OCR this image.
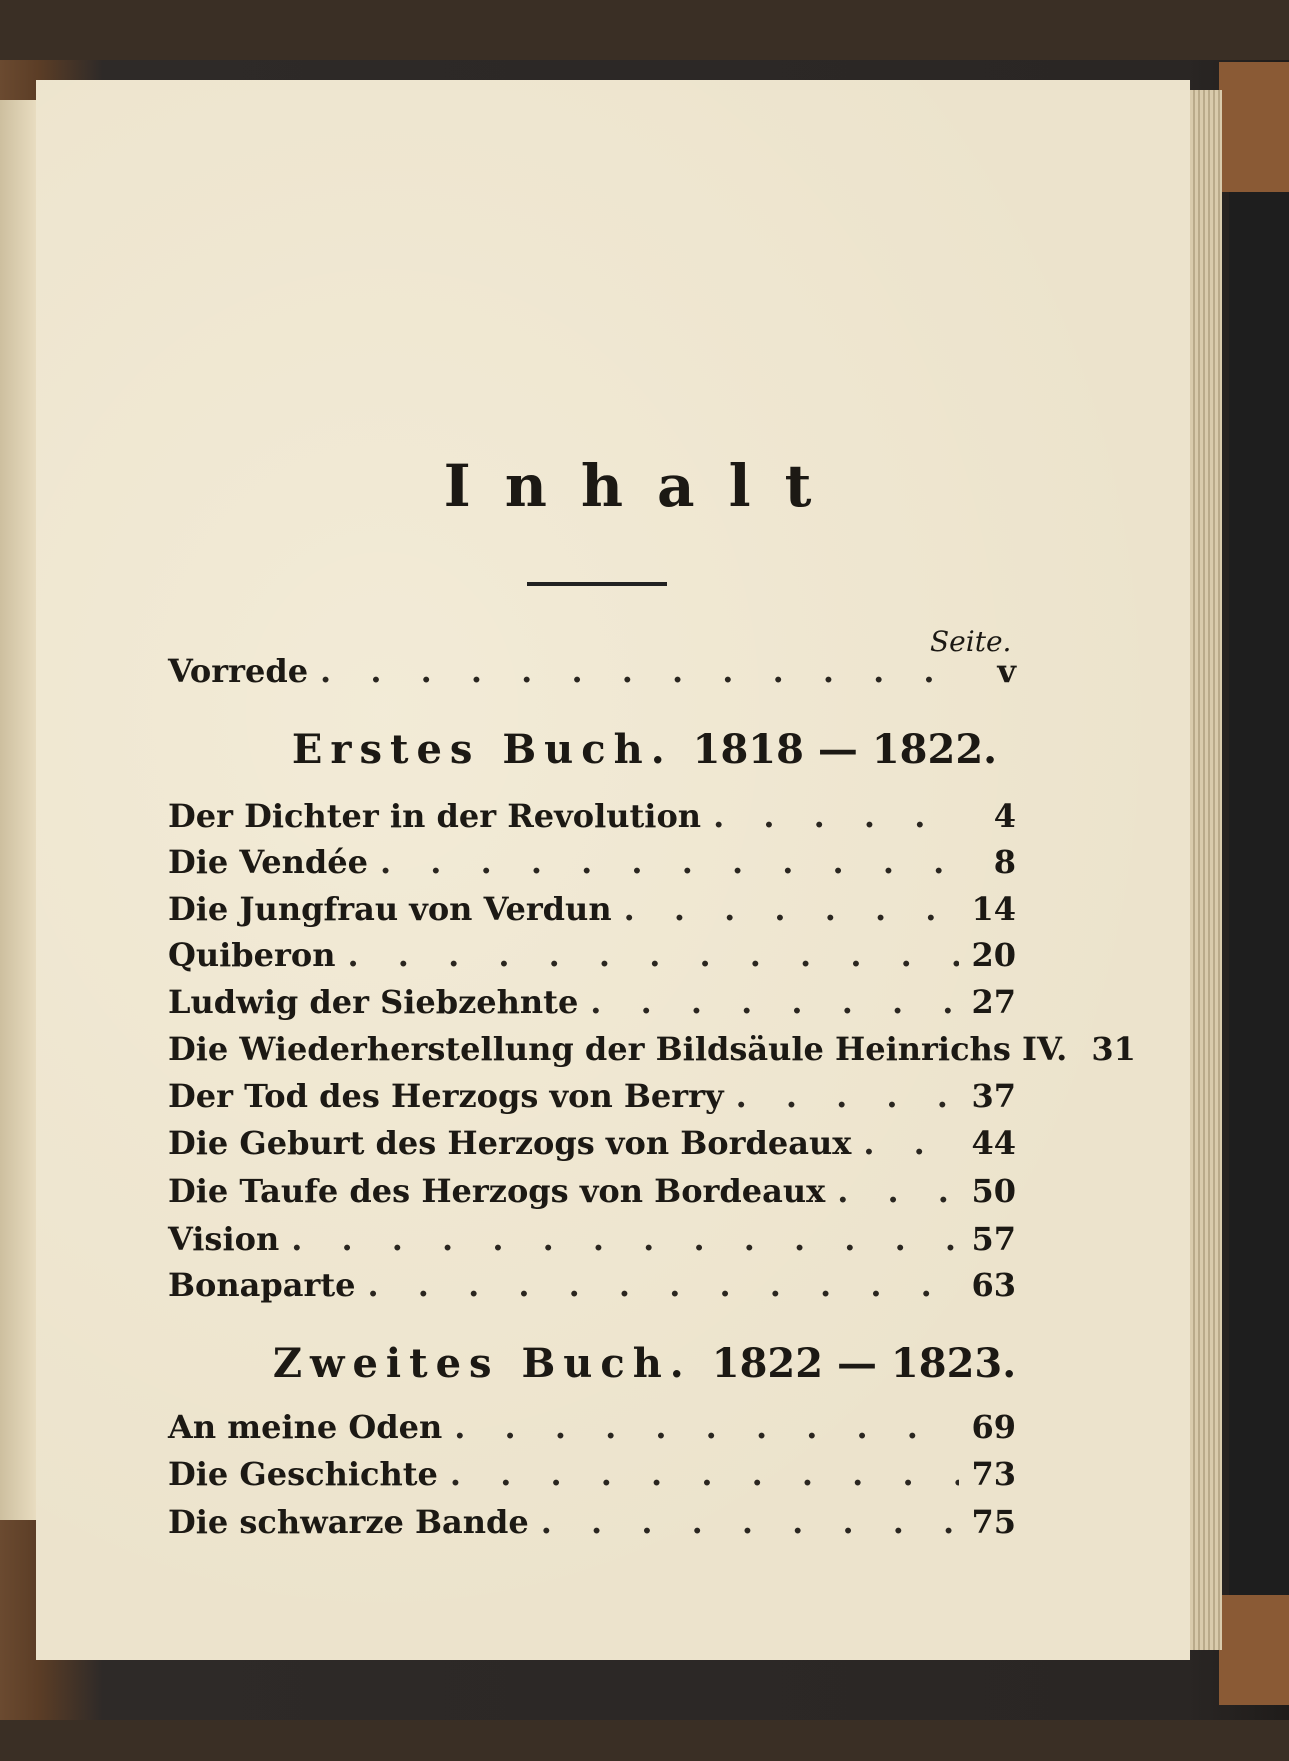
Inhalt
Seite.
Vorrede . . .	v
Erstes Buch. 1818 — 1822.
Der Dichter in der Revolution . . .	4
Die Vendée . . .	8
Die Jungfrau von Verdun . . .	14
Quiberon . . .	20
Ludwig der Siebzehnte . . .	27
Die Wiederherstellung der Bildsäule Heinrichs IV. 31
Der Tod des Herzogs von Berry . . .	37
Die Geburt des Herzogs von Bordeaux . . .	44
Die Taufe des Herzogs von Bordeaux . . .	50
Vision . . .	57
Bonaparte . . .	63
Zweites Buch. 1822 — 1823.
An meine Oden . . .	69
Die Geschichte . . .	73
Die schwarze Bande . . .	75
